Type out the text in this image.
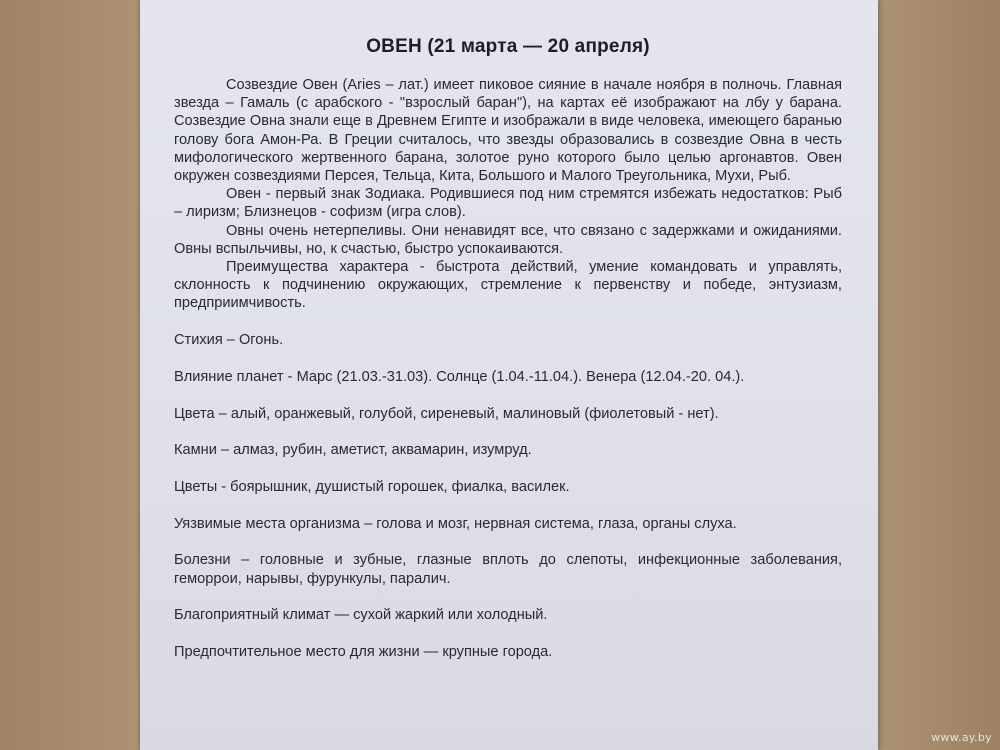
ОВЕН (21 марта — 20 апреля)

Созвездие Овен (Aries – лат.) имеет пиковое сияние в начале ноября в полночь. Главная звезда – Гамаль (с арабского - "взрослый баран"), на картах её изображают на лбу у барана. Созвездие Овна знали еще в Древнем Египте и изображали в виде человека, имеющего баранью голову бога Амон-Ра. В Греции считалось, что звезды образовались в созвездие Овна в честь мифологического жертвенного барана, золотое руно которого было целью аргонавтов. Овен окружен созвездиями Персея, Тельца, Кита, Большого и Малого Треугольника, Мухи, Рыб.

Овен - первый знак Зодиака. Родившиеся под ним стремятся избежать недостатков: Рыб – лиризм; Близнецов - софизм (игра слов).

Овны очень нетерпеливы. Они ненавидят все, что связано с задержками и ожиданиями. Овны вспыльчивы, но, к счастью, быстро успокаиваются.

Преимущества характера - быстрота действий, умение командовать и управлять, склонность к подчинению окружающих, стремление к первенству и победе, энтузиазм, предприимчивость.

Стихия – Огонь.

Влияние планет - Марс (21.03.-31.03). Солнце (1.04.-11.04.). Венера (12.04.-20. 04.).

Цвета – алый, оранжевый, голубой, сиреневый, малиновый (фиолетовый - нет).

Камни – алмаз, рубин, аметист, аквамарин, изумруд.

Цветы - боярышник, душистый горошек, фиалка, василек.

Уязвимые места организма – голова и мозг, нервная система, глаза, органы слуха.

Болезни – головные и зубные, глазные вплоть до слепоты, инфекционные заболевания, геморрои, нарывы, фурункулы, паралич.

Благоприятный климат — сухой жаркий или холодный.

Предпочтительное место для жизни — крупные города.

www.ay.by
